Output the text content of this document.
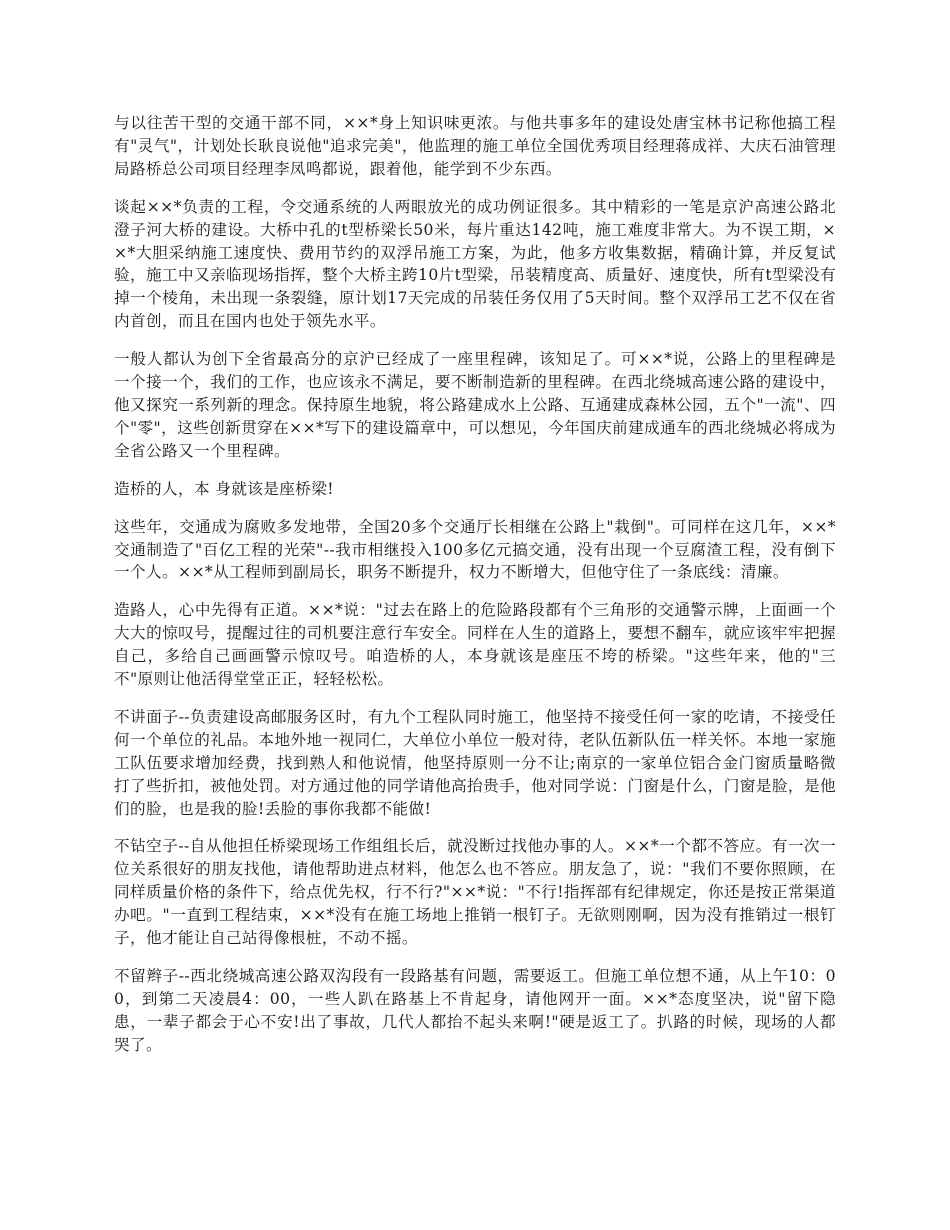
与以往苦干型的交通干部不同，××*身上知识味更浓。与他共事多年的建设处唐宝林书记称他搞工程有"灵气"，计划处长耿良说他"追求完美"，他监理的施工单位全国优秀项目经理蒋成祥、大庆石油管理局路桥总公司项目经理李凤鸣都说，跟着他，能学到不少东西。

谈起××*负责的工程，令交通系统的人两眼放光的成功例证很多。其中精彩的一笔是京沪高速公路北澄子河大桥的建设。大桥中孔的t型桥梁长50米，每片重达142吨，施工难度非常大。为不误工期，××*大胆采纳施工速度快、费用节约的双浮吊施工方案，为此，他多方收集数据，精确计算，并反复试验，施工中又亲临现场指挥，整个大桥主跨10片t型梁，吊装精度高、质量好、速度快，所有t型梁没有掉一个棱角，未出现一条裂缝，原计划17天完成的吊装任务仅用了5天时间。整个双浮吊工艺不仅在省内首创，而且在国内也处于领先水平。

一般人都认为创下全省最高分的京沪已经成了一座里程碑，该知足了。可××*说，公路上的里程碑是一个接一个，我们的工作，也应该永不满足，要不断制造新的里程碑。在西北绕城高速公路的建设中，他又探究一系列新的理念。保持原生地貌，将公路建成水上公路、互通建成森林公园，五个"一流"、四个"零"，这些创新贯穿在××*写下的建设篇章中，可以想见，今年国庆前建成通车的西北绕城必将成为全省公路又一个里程碑。

造桥的人，本 身就该是座桥梁!

这些年，交通成为腐败多发地带，全国20多个交通厅长相继在公路上"栽倒"。可同样在这几年，××*交通制造了"百亿工程的光荣"--我市相继投入100多亿元搞交通，没有出现一个豆腐渣工程，没有倒下一个人。××*从工程师到副局长，职务不断提升，权力不断增大，但他守住了一条底线：清廉。

造路人，心中先得有正道。××*说："过去在路上的危险路段都有个三角形的交通警示牌，上面画一个大大的惊叹号，提醒过往的司机要注意行车安全。同样在人生的道路上，要想不翻车，就应该牢牢把握自己，多给自己画画警示惊叹号。咱造桥的人，本身就该是座压不垮的桥梁。"这些年来，他的"三不"原则让他活得堂堂正正，轻轻松松。

不讲面子--负责建设高邮服务区时，有九个工程队同时施工，他坚持不接受任何一家的吃请，不接受任何一个单位的礼品。本地外地一视同仁，大单位小单位一般对待，老队伍新队伍一样关怀。本地一家施工队伍要求增加经费，找到熟人和他说情，他坚持原则一分不让;南京的一家单位铝合金门窗质量略微打了些折扣，被他处罚。对方通过他的同学请他高抬贵手，他对同学说：门窗是什么，门窗是脸，是他们的脸，也是我的脸!丢脸的事你我都不能做!

不钻空子--自从他担任桥梁现场工作组组长后，就没断过找他办事的人。××*一个都不答应。有一次一位关系很好的朋友找他，请他帮助进点材料，他怎么也不答应。朋友急了，说："我们不要你照顾，在同样质量价格的条件下，给点优先权，行不行?"××*说："不行!指挥部有纪律规定，你还是按正常渠道办吧。"一直到工程结束，××*没有在施工场地上推销一根钉子。无欲则刚啊，因为没有推销过一根钉子，他才能让自己站得像根桩，不动不摇。

不留辫子--西北绕城高速公路双沟段有一段路基有问题，需要返工。但施工单位想不通，从上午10：00，到第二天凌晨4：00，一些人趴在路基上不肯起身，请他网开一面。××*态度坚决，说"留下隐患，一辈子都会于心不安!出了事故，几代人都抬不起头来啊!"硬是返工了。扒路的时候，现场的人都哭了。
